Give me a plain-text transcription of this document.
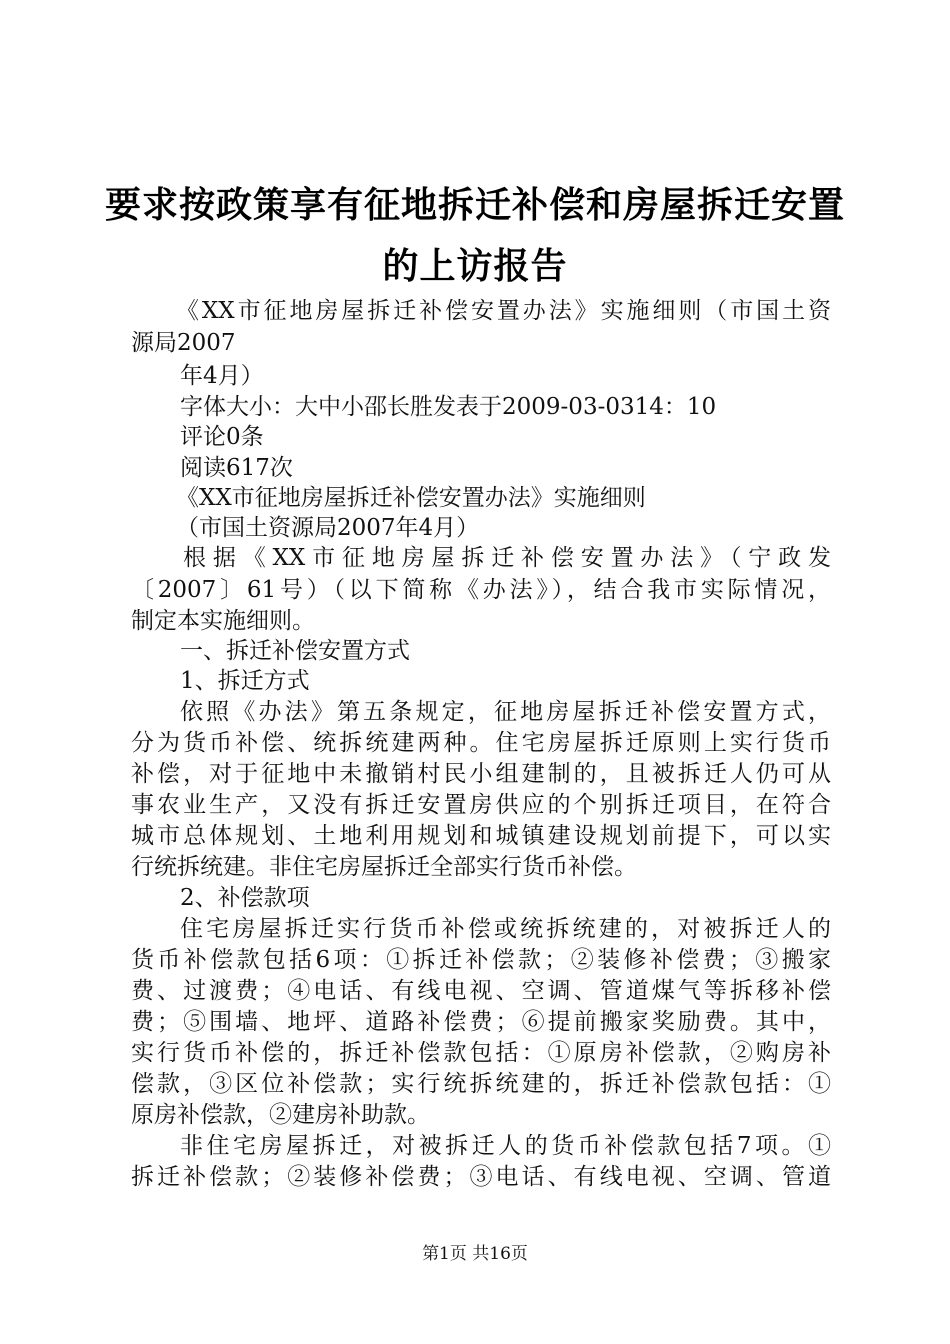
要求按政策享有征地拆迁补偿和房屋拆迁安置
的上访报告
《XX市征地房屋拆迁补偿安置办法》实施细则（市国土资
源局2007
年4月）
字体大小：大中小邵长胜发表于2009-03-0314：10
评论0条
阅读617次
《XX市征地房屋拆迁补偿安置办法》实施细则
（市国土资源局2007年4月）
根据《XX市征地房屋拆迁补偿安置办法》（宁政发
〔2007〕61号）（以下简称《办法》），结合我市实际情况，
制定本实施细则。
一、拆迁补偿安置方式
1、拆迁方式
依照《办法》第五条规定，征地房屋拆迁补偿安置方式，
分为货币补偿、统拆统建两种。住宅房屋拆迁原则上实行货币
补偿，对于征地中未撤销村民小组建制的，且被拆迁人仍可从
事农业生产，又没有拆迁安置房供应的个别拆迁项目，在符合
城市总体规划、土地利用规划和城镇建设规划前提下，可以实
行统拆统建。非住宅房屋拆迁全部实行货币补偿。
2、补偿款项
住宅房屋拆迁实行货币补偿或统拆统建的，对被拆迁人的
货币补偿款包括6项：①拆迁补偿款；②装修补偿费；③搬家
费、过渡费；④电话、有线电视、空调、管道煤气等拆移补偿
费；⑤围墙、地坪、道路补偿费；⑥提前搬家奖励费。其中，
实行货币补偿的，拆迁补偿款包括：①原房补偿款，②购房补
偿款，③区位补偿款；实行统拆统建的，拆迁补偿款包括：①
原房补偿款，②建房补助款。
非住宅房屋拆迁，对被拆迁人的货币补偿款包括7项。①
拆迁补偿款；②装修补偿费；③电话、有线电视、空调、管道
第1页 共16页
